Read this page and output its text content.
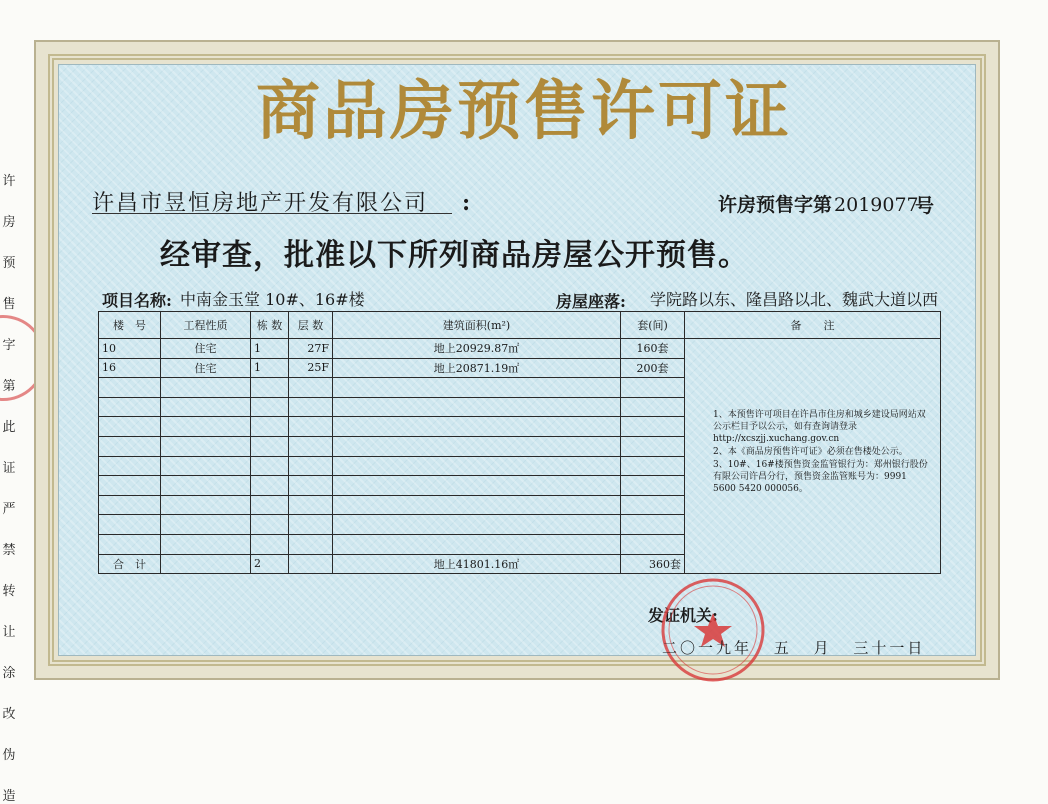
许
房
预
售
字
第
此
证
严
禁
转
让
涂
改
伪
造
商品房预售许可证
许昌市昱恒房地产开发有限公司 :	许房预售字第 2019077
号
经审查，批准以下所列商品房屋公开预售。
项目名称: 中南金玉堂 10#、16#楼	房屋座落: 学院路以东、隆昌路以北、魏武大道以西
楼　号	工程性质	栋 数	层 数	建筑面积(m²)	套(间)	备　　注
10	住宅	1	27F	地上20929.87㎡	160套	1、本预售许可项目在许昌市住房和城乡建设局网站双公示栏目予以公示，如有查询请登录http://xcszjj.xuchang.gov.cn
2、本《商品房预售许可证》必须在售楼处公示。
3、10#、16#楼预售资金监管银行为：郑州银行股份有限公司许昌分行，预售资金监管账号为：9991 5600 5420 000056。

16	住宅	1	25F	地上20871.19㎡	200套	

合　计		2		地上41801.16㎡	360套	
发证机关:
二〇一九年 五 月 三十一日
